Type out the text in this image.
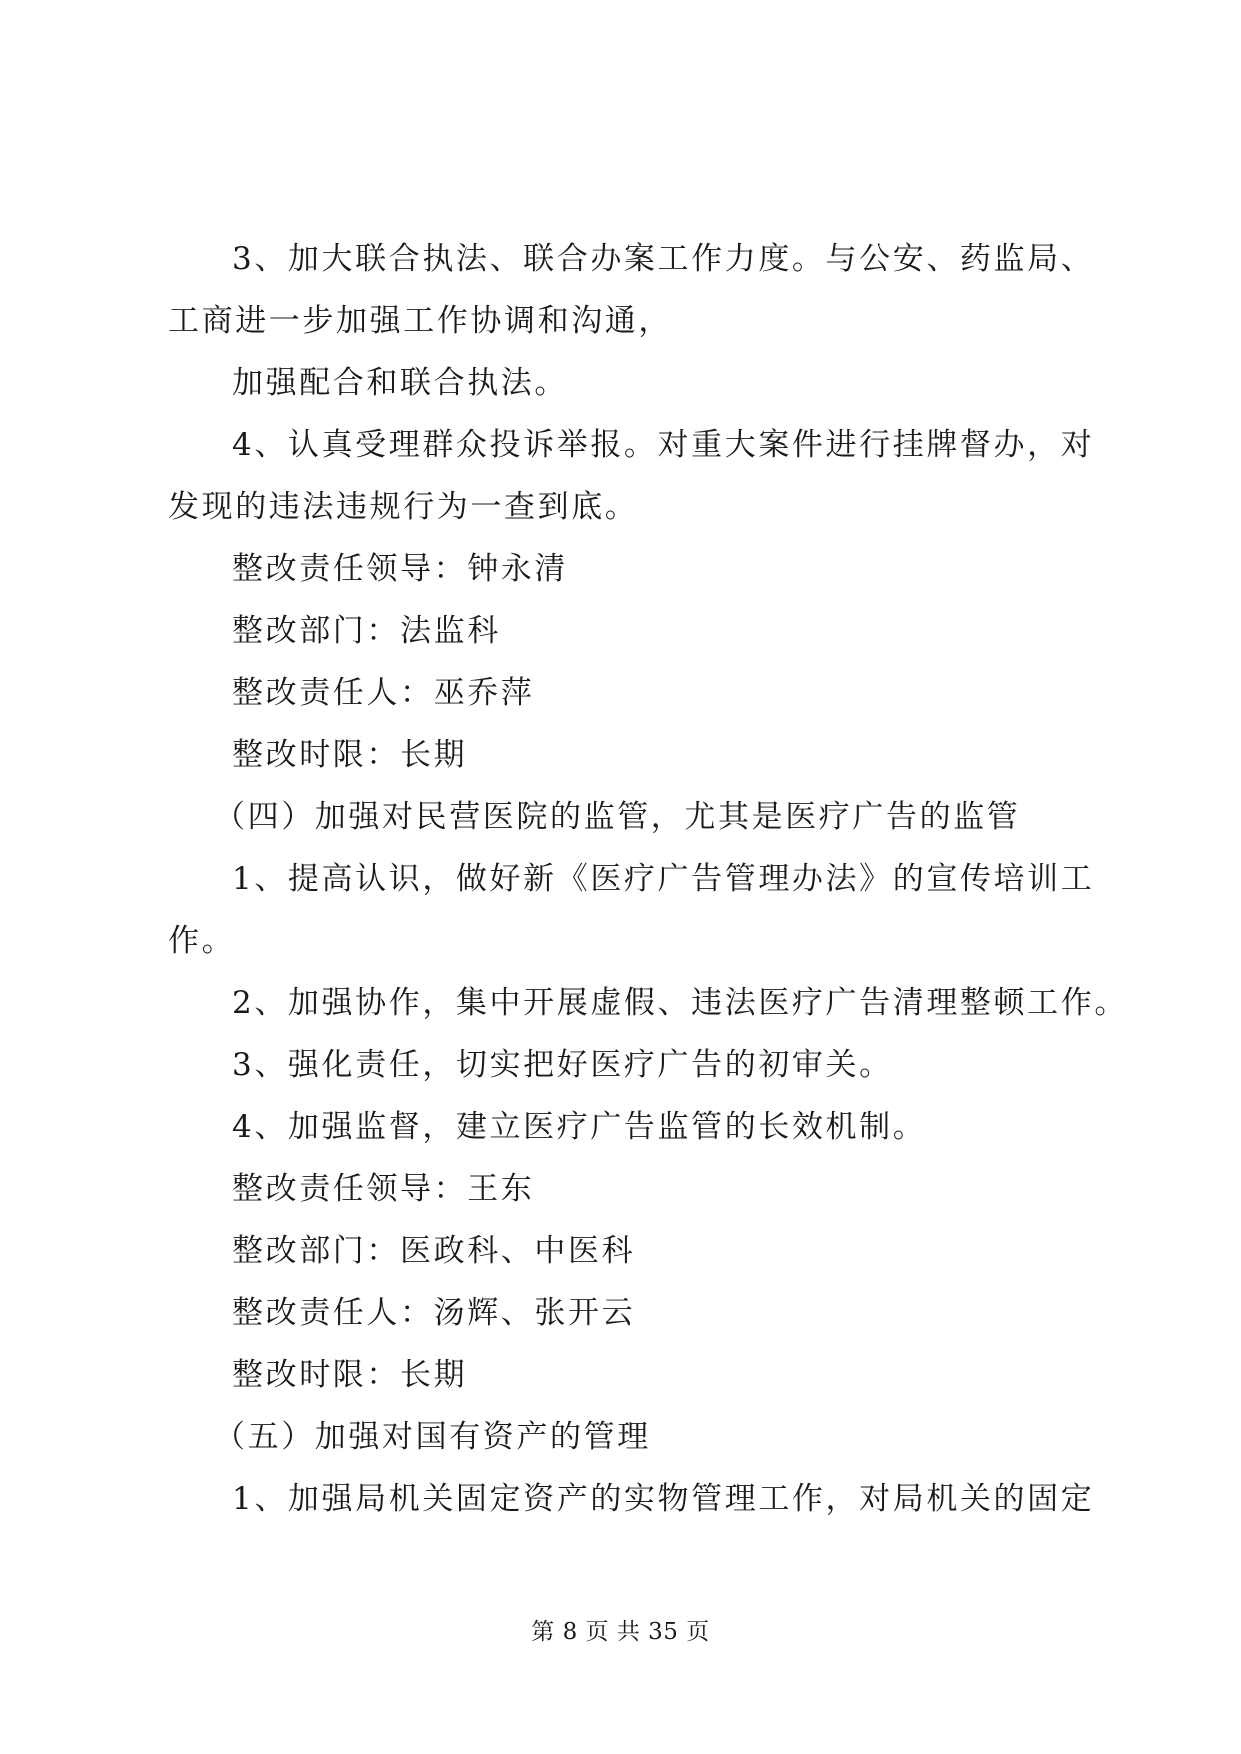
3、加大联合执法、联合办案工作力度。与公安、药监局、
工商进一步加强工作协调和沟通，
加强配合和联合执法。
4、认真受理群众投诉举报。对重大案件进行挂牌督办，对
发现的违法违规行为一查到底。
整改责任领导：钟永清
整改部门：法监科
整改责任人：巫乔萍
整改时限：长期
（四）加强对民营医院的监管，尤其是医疗广告的监管
1、提高认识，做好新《医疗广告管理办法》的宣传培训工
作。
2、加强协作，集中开展虚假、违法医疗广告清理整顿工作。
3、强化责任，切实把好医疗广告的初审关。
4、加强监督，建立医疗广告监管的长效机制。
整改责任领导：王东
整改部门：医政科、中医科
整改责任人：汤辉、张开云
整改时限：长期
（五）加强对国有资产的管理
1、加强局机关固定资产的实物管理工作，对局机关的固定
第 8 页 共 35 页
